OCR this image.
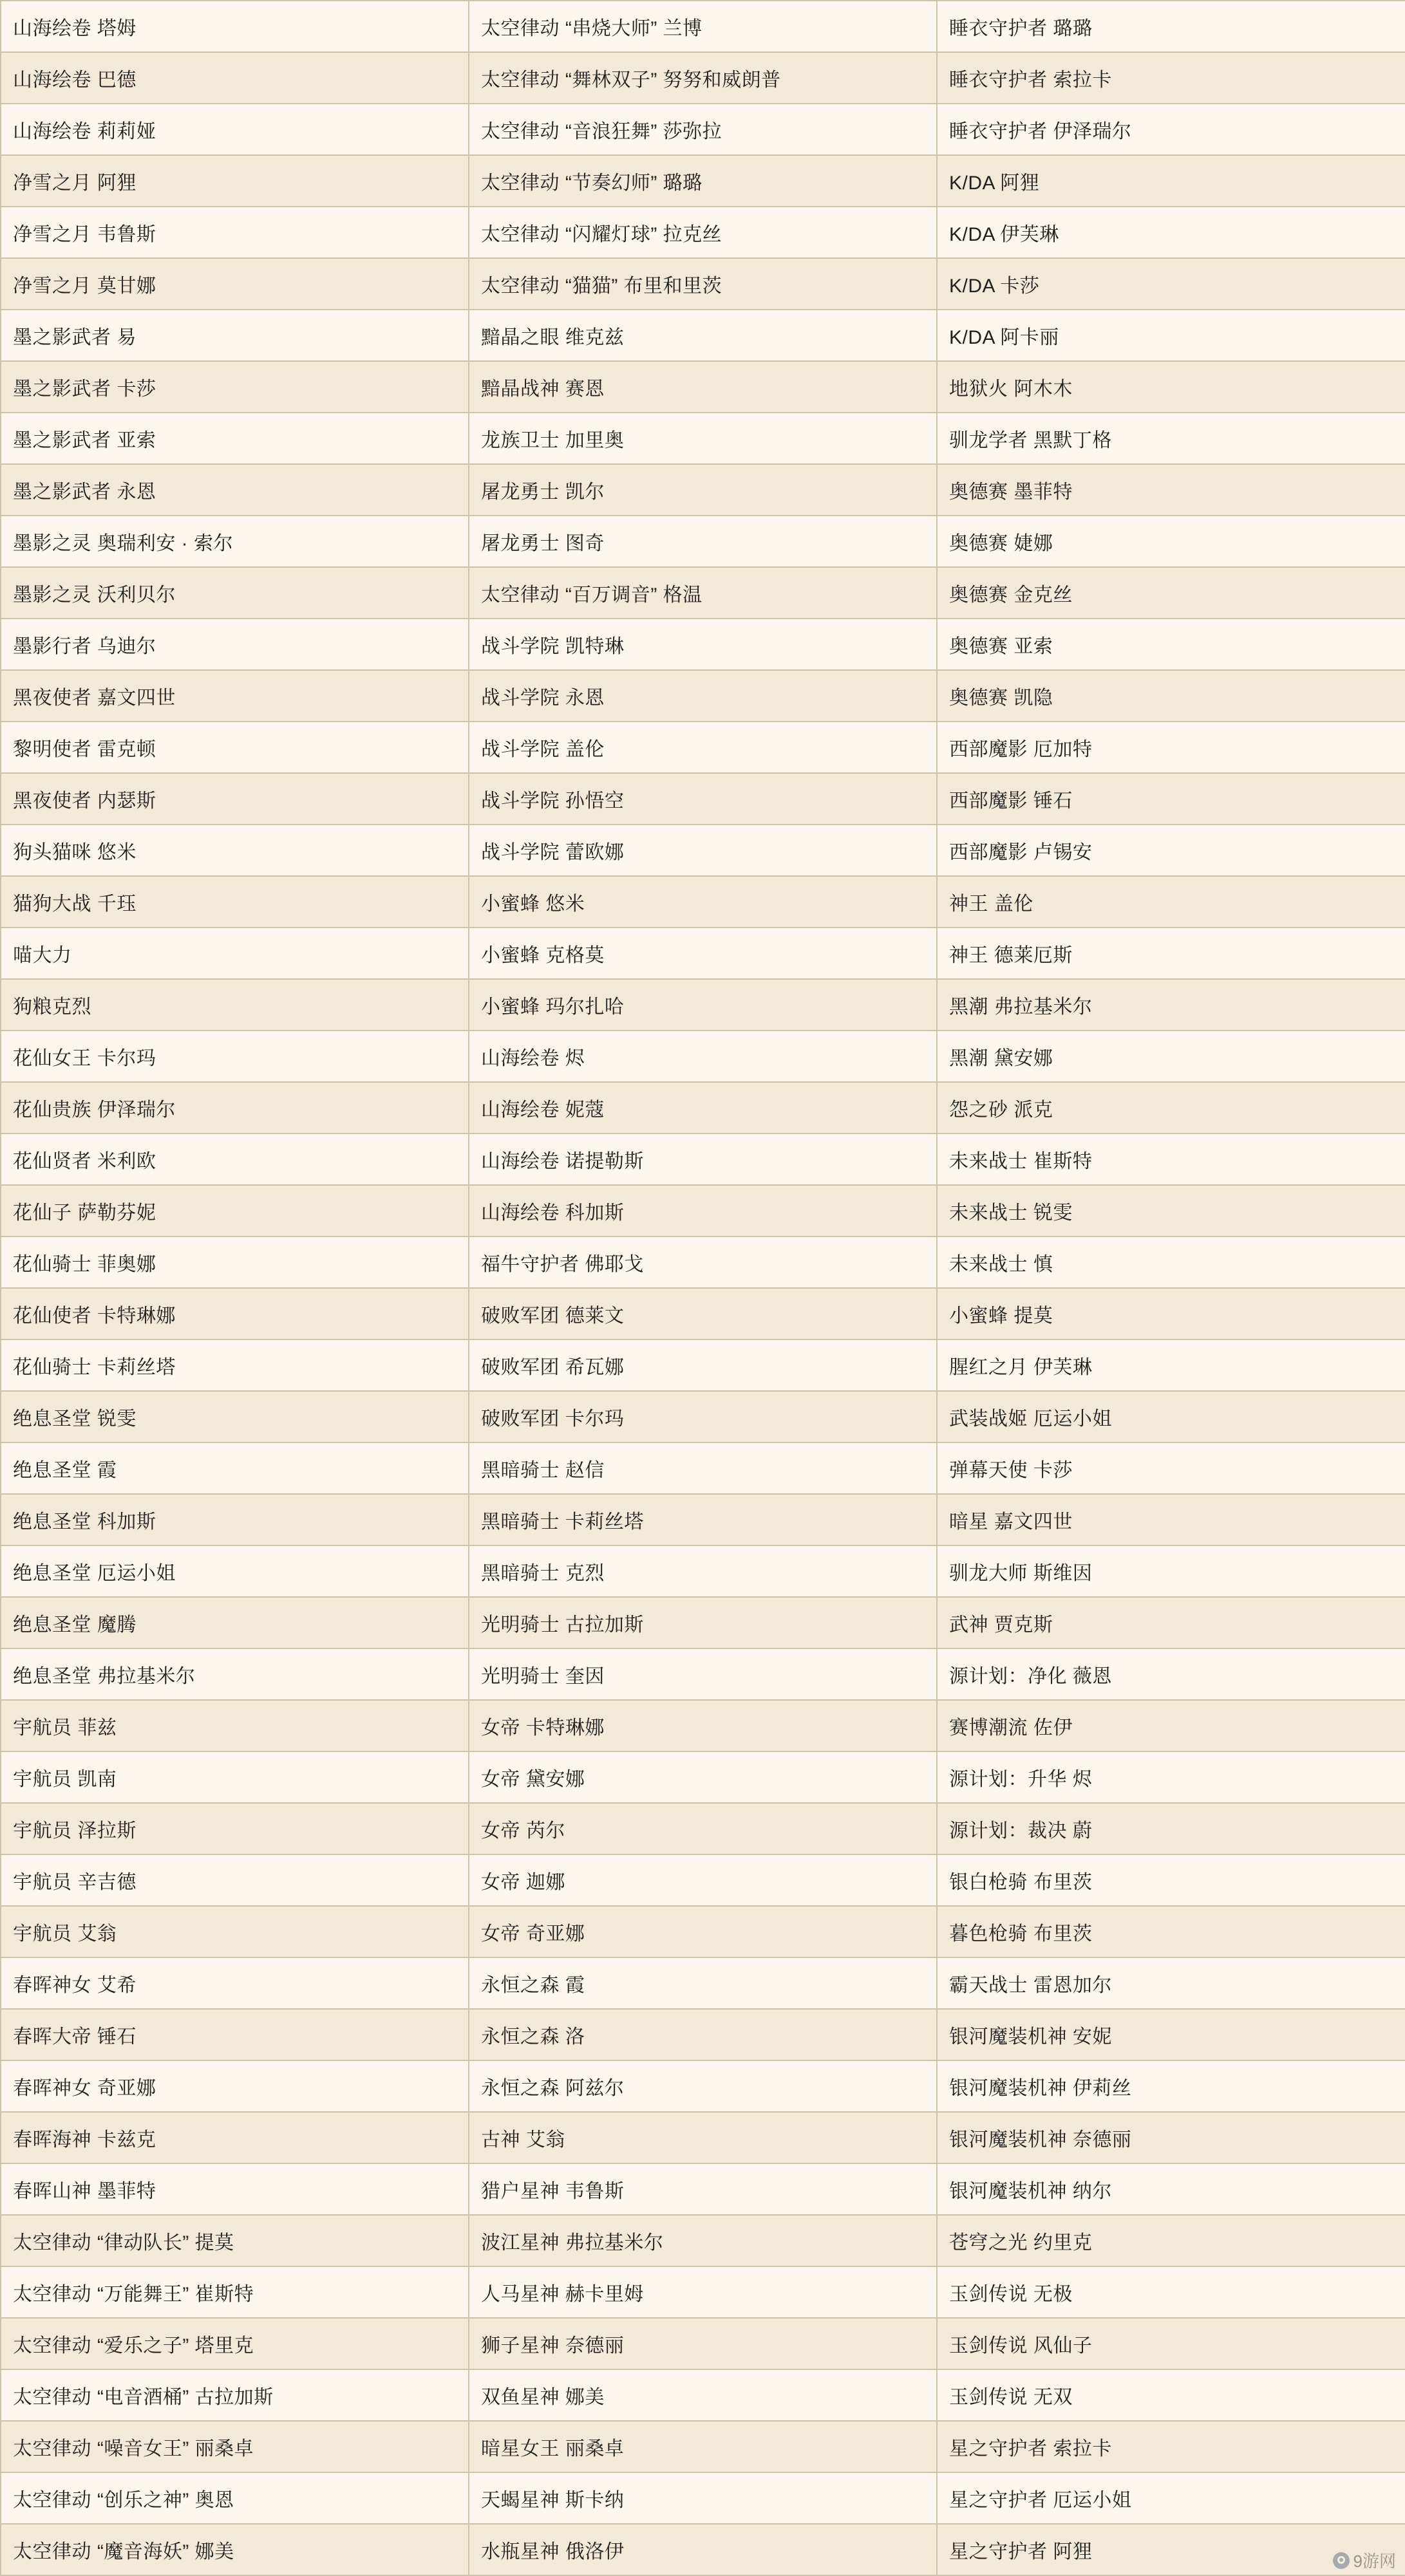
山海绘卷 塔姆	太空律动 “串烧大师” 兰博	睡衣守护者 璐璐
山海绘卷 巴德	太空律动 “舞林双子” 努努和威朗普	睡衣守护者 索拉卡
山海绘卷 莉莉娅	太空律动 “音浪狂舞” 莎弥拉	睡衣守护者 伊泽瑞尔
净雪之月 阿狸	太空律动 “节奏幻师” 璐璐	K/DA 阿狸
净雪之月 韦鲁斯	太空律动 “闪耀灯球” 拉克丝	K/DA 伊芙琳
净雪之月 莫甘娜	太空律动 “猫猫” 布里和里茨	K/DA 卡莎
墨之影武者 易	黯晶之眼 维克兹	K/DA 阿卡丽
墨之影武者 卡莎	黯晶战神 赛恩	地狱火 阿木木
墨之影武者 亚索	龙族卫士 加里奥	驯龙学者 黑默丁格
墨之影武者 永恩	屠龙勇士 凯尔	奥德赛 墨菲特
墨影之灵 奥瑞利安 · 索尔	屠龙勇士 图奇	奥德赛 婕娜
墨影之灵 沃利贝尔	太空律动 “百万调音” 格温	奥德赛 金克丝
墨影行者 乌迪尔	战斗学院 凯特琳	奥德赛 亚索
黑夜使者 嘉文四世	战斗学院 永恩	奥德赛 凯隐
黎明使者 雷克顿	战斗学院 盖伦	西部魔影 厄加特
黑夜使者 内瑟斯	战斗学院 孙悟空	西部魔影 锤石
狗头猫咪 悠米	战斗学院 蕾欧娜	西部魔影 卢锡安
猫狗大战 千珏	小蜜蜂 悠米	神王 盖伦
喵大力	小蜜蜂 克格莫	神王 德莱厄斯
狗粮克烈	小蜜蜂 玛尔扎哈	黑潮 弗拉基米尔
花仙女王 卡尔玛	山海绘卷 烬	黑潮 黛安娜
花仙贵族 伊泽瑞尔	山海绘卷 妮蔻	怨之砂 派克
花仙贤者 米利欧	山海绘卷 诺提勒斯	未来战士 崔斯特
花仙子 萨勒芬妮	山海绘卷 科加斯	未来战士 锐雯
花仙骑士 菲奥娜	福牛守护者 佛耶戈	未来战士 慎
花仙使者 卡特琳娜	破败军团 德莱文	小蜜蜂 提莫
花仙骑士 卡莉丝塔	破败军团 希瓦娜	腥红之月 伊芙琳
绝息圣堂 锐雯	破败军团 卡尔玛	武装战姬 厄运小姐
绝息圣堂 霞	黑暗骑士 赵信	弹幕天使 卡莎
绝息圣堂 科加斯	黑暗骑士 卡莉丝塔	暗星 嘉文四世
绝息圣堂 厄运小姐	黑暗骑士 克烈	驯龙大师 斯维因
绝息圣堂 魔腾	光明骑士 古拉加斯	武神 贾克斯
绝息圣堂 弗拉基米尔	光明骑士 奎因	源计划：净化 薇恩
宇航员 菲兹	女帝 卡特琳娜	赛博潮流 佐伊
宇航员 凯南	女帝 黛安娜	源计划：升华 烬
宇航员 泽拉斯	女帝 芮尔	源计划：裁决 蔚
宇航员 辛吉德	女帝 迦娜	银白枪骑 布里茨
宇航员 艾翁	女帝 奇亚娜	暮色枪骑 布里茨
春晖神女 艾希	永恒之森 霞	霸天战士 雷恩加尔
春晖大帝 锤石	永恒之森 洛	银河魔装机神 安妮
春晖神女 奇亚娜	永恒之森 阿兹尔	银河魔装机神 伊莉丝
春晖海神 卡兹克	古神 艾翁	银河魔装机神 奈德丽
春晖山神 墨菲特	猎户星神 韦鲁斯	银河魔装机神 纳尔
太空律动 “律动队长” 提莫	波江星神 弗拉基米尔	苍穹之光 约里克
太空律动 “万能舞王” 崔斯特	人马星神 赫卡里姆	玉剑传说 无极
太空律动 “爱乐之子” 塔里克	狮子星神 奈德丽	玉剑传说 风仙子
太空律动 “电音酒桶” 古拉加斯	双鱼星神 娜美	玉剑传说 无双
太空律动 “噪音女王” 丽桑卓	暗星女王 丽桑卓	星之守护者 索拉卡
太空律动 “创乐之神” 奥恩	天蝎星神 斯卡纳	星之守护者 厄运小姐
太空律动 “魔音海妖” 娜美	水瓶星神 俄洛伊	星之守护者 阿狸	9游网
